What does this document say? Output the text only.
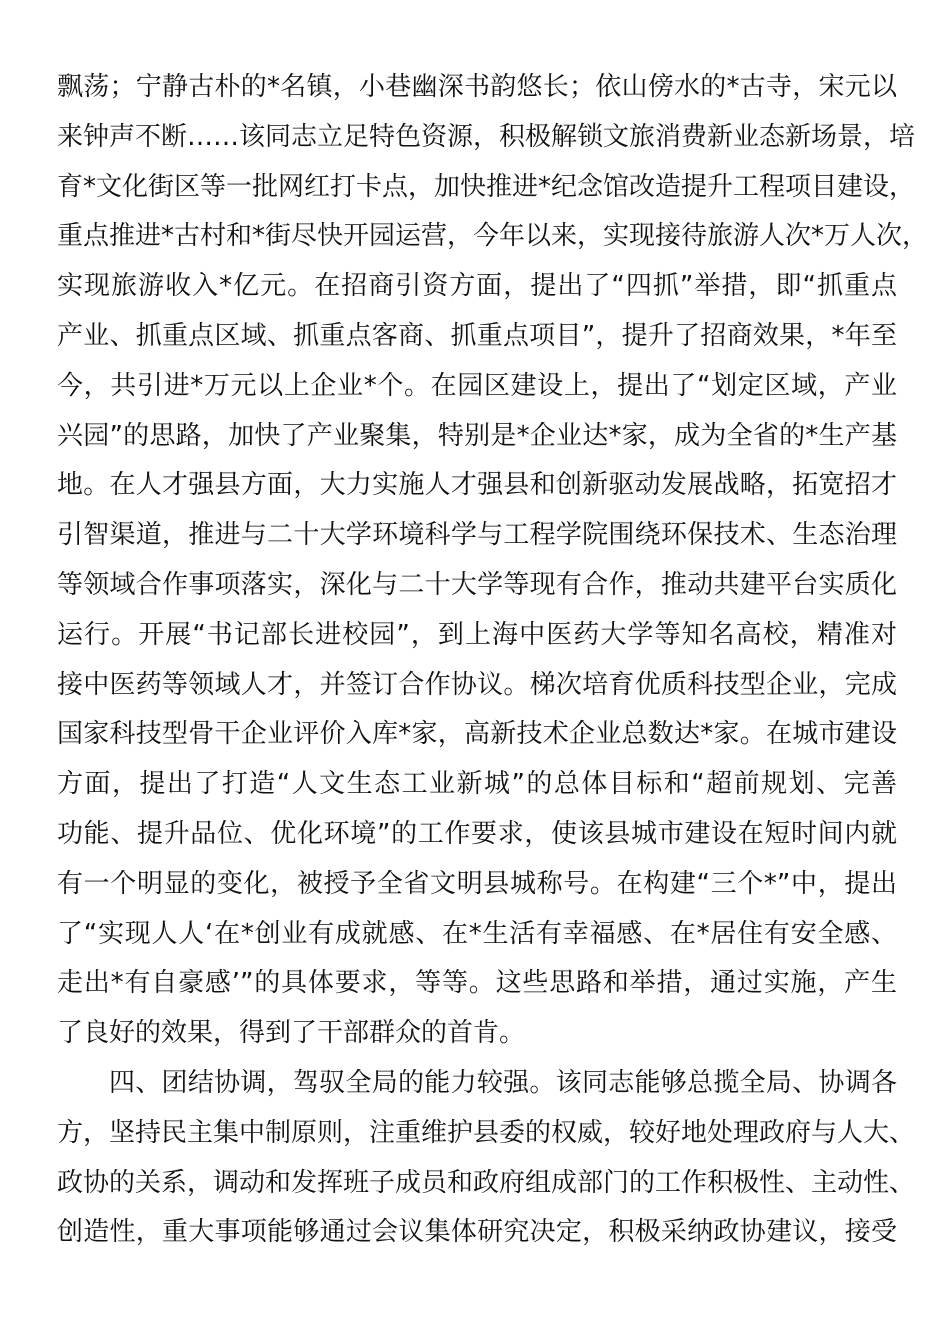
飘荡；宁静古朴的*名镇，小巷幽深书韵悠长；依山傍水的*古寺，宋元以
来钟声不断……该同志立足特色资源，积极解锁文旅消费新业态新场景，培
育*文化街区等一批网红打卡点，加快推进*纪念馆改造提升工程项目建设，
重点推进*古村和*街尽快开园运营，今年以来，实现接待旅游人次*万人次，
实现旅游收入*亿元。在招商引资方面，提出了“四抓”举措，即“抓重点
产业、抓重点区域、抓重点客商、抓重点项目”，提升了招商效果，*年至
今，共引进*万元以上企业*个。在园区建设上，提出了“划定区域，产业
兴园”的思路，加快了产业聚集，特别是*企业达*家，成为全省的*生产基
地。在人才强县方面，大力实施人才强县和创新驱动发展战略，拓宽招才
引智渠道，推进与二十大学环境科学与工程学院围绕环保技术、生态治理
等领域合作事项落实，深化与二十大学等现有合作，推动共建平台实质化
运行。开展“书记部长进校园”，到上海中医药大学等知名高校，精准对
接中医药等领域人才，并签订合作协议。梯次培育优质科技型企业，完成
国家科技型骨干企业评价入库*家，高新技术企业总数达*家。在城市建设
方面，提出了打造“人文生态工业新城”的总体目标和“超前规划、完善
功能、提升品位、优化环境”的工作要求，使该县城市建设在短时间内就
有一个明显的变化，被授予全省文明县城称号。在构建“三个*”中，提出
了“实现人人‘在*创业有成就感、在*生活有幸福感、在*居住有安全感、
走出*有自豪感’”的具体要求，等等。这些思路和举措，通过实施，产生
了良好的效果，得到了干部群众的首肯。
四、团结协调，驾驭全局的能力较强。该同志能够总揽全局、协调各
方，坚持民主集中制原则，注重维护县委的权威，较好地处理政府与人大、
政协的关系，调动和发挥班子成员和政府组成部门的工作积极性、主动性、
创造性，重大事项能够通过会议集体研究决定，积极采纳政协建议，接受
